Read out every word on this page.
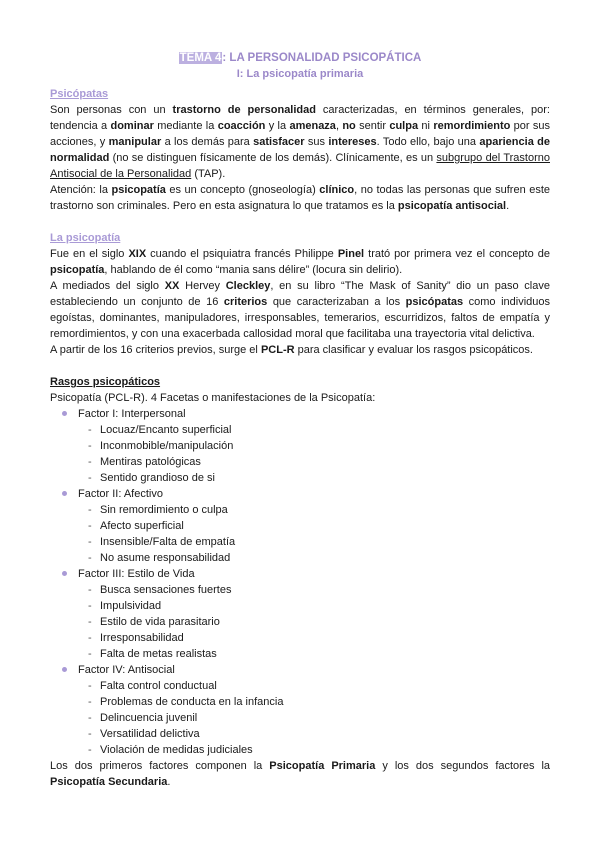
TEMA 4: LA PERSONALIDAD PSICOPÁTICA
I: La psicopatía primaria
Psicópatas

Son personas con un trastorno de personalidad caracterizadas, en términos generales, por: tendencia a dominar mediante la coacción y la amenaza, no sentir culpa ni remordimiento por sus acciones, y manipular a los demás para satisfacer sus intereses. Todo ello, bajo una apariencia de normalidad (no se distinguen físicamente de los demás). Clínicamente, es un subgrupo del Trastorno Antisocial de la Personalidad (TAP).

Atención: la psicopatía es un concepto (gnoseología) clínico, no todas las personas que sufren este trastorno son criminales. Pero en esta asignatura lo que tratamos es la psicopatía antisocial.

La psicopatía

Fue en el siglo XIX cuando el psiquiatra francés Philippe Pinel trató por primera vez el concepto de psicopatía, hablando de él como “mania sans délire” (locura sin delirio).

A mediados del siglo XX Hervey Cleckley, en su libro “The Mask of Sanity” dio un paso clave estableciendo un conjunto de 16 criterios que caracterizaban a los psicópatas como individuos egoístas, dominantes, manipuladores, irresponsables, temerarios, escurridizos, faltos de empatía y remordimientos, y con una exacerbada callosidad moral que facilitaba una trayectoria vital delictiva.

A partir de los 16 criterios previos, surge el PCL-R para clasificar y evaluar los rasgos psicopáticos.

Rasgos psicopáticos

Psicopatía (PCL-R). 4 Facetas o manifestaciones de la Psicopatía:

Factor I: Interpersonal
- Locuaz/Encanto superficial
- Inconmobible/manipulación
- Mentiras patológicas
- Sentido grandioso de si
Factor II: Afectivo
- Sin remordimiento o culpa
- Afecto superficial
- Insensible/Falta de empatía
- No asume responsabilidad
Factor III: Estilo de Vida
- Busca sensaciones fuertes
- Impulsividad
- Estilo de vida parasitario
- Irresponsabilidad
- Falta de metas realistas
Factor IV: Antisocial
- Falta control conductual
- Problemas de conducta en la infancia
- Delincuencia juvenil
- Versatilidad delictiva
- Violación de medidas judiciales

Los dos primeros factores componen la Psicopatía Primaria y los dos segundos factores la Psicopatía Secundaria.
